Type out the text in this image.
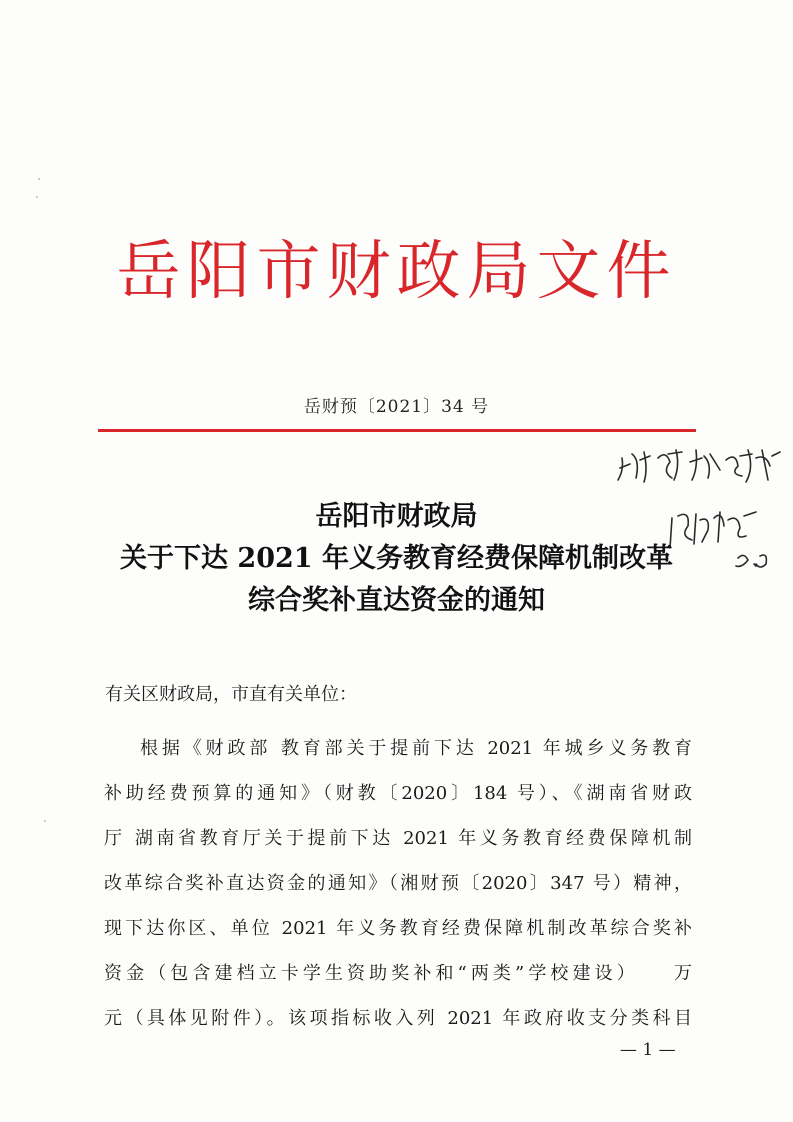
岳阳市财政局文件
岳财预〔2021〕34 号
岳阳市财政局
关于下达 2021 年义务教育经费保障机制改革
综合奖补直达资金的通知
有关区财政局，市直有关单位：
根据《财政部 教育部关于提前下达 2021 年城乡义务教育
补助经费预算的通知》（财教〔2020〕184 号）、《湖南省财政
厅 湖南省教育厅关于提前下达 2021 年义务教育经费保障机制
改革综合奖补直达资金的通知》（湘财预〔2020〕347 号）精神，
现下达你区、单位 2021 年义务教育经费保障机制改革综合奖补
资金（包含建档立卡学生资助奖补和“两类”学校建设）　　万
元（具体见附件）。该项指标收入列 2021 年政府收支分类科目
— 1 —
